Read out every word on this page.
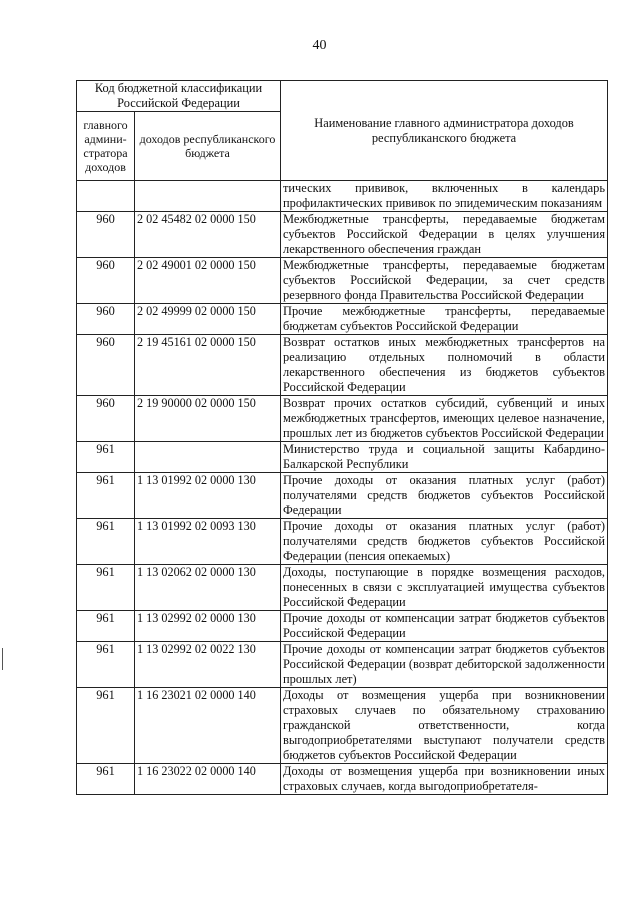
40
Код бюджетной классификации Российской Федерации		Наименование главного администратора доходов республиканского бюджета
главного админи-стратора доходов	доходов республиканского бюджета	
		тических прививок, включенных в календарь профилактических прививок по эпидемическим показаниям
960	2 02 45482 02 0000 150	Межбюджетные трансферты, передаваемые бюджетам субъектов Российской Федерации в целях улучшения лекарственного обеспечения граждан
960	2 02 49001 02 0000 150	Межбюджетные трансферты, передаваемые бюджетам субъектов Российской Федерации, за счет средств резервного фонда Правительства Российской Федерации
960	2 02 49999 02 0000 150	Прочие межбюджетные трансферты, передаваемые бюджетам субъектов Российской Федерации
960	2 19 45161 02 0000 150	Возврат остатков иных межбюджетных трансфертов на реализацию отдельных полномочий в области лекарственного обеспечения из бюджетов субъектов Российской Федерации
960	2 19 90000 02 0000 150	Возврат прочих остатков субсидий, субвенций и иных межбюджетных трансфертов, имеющих целевое назначение, прошлых лет из бюджетов субъектов Российской Федерации
961		Министерство труда и социальной защиты Кабардино-Балкарской Республики
961	1 13 01992 02 0000 130	Прочие доходы от оказания платных услуг (работ) получателями средств бюджетов субъектов Российской Федерации
961	1 13 01992 02 0093 130	Прочие доходы от оказания платных услуг (работ) получателями средств бюджетов субъектов Российской Федерации (пенсия опекаемых)
961	1 13 02062 02 0000 130	Доходы, поступающие в порядке возмещения расходов, понесенных в связи с эксплуатацией имущества субъектов Российской Федерации
961	1 13 02992 02 0000 130	Прочие доходы от компенсации затрат бюджетов субъектов Российской Федерации
961	1 13 02992 02 0022 130	Прочие доходы от компенсации затрат бюджетов субъектов Российской Федерации (возврат дебиторской задолженности прошлых лет)
961	1 16 23021 02 0000 140	Доходы от возмещения ущерба при возникновении страховых случаев по обязательному страхованию гражданской ответственности, когда выгодоприобретателями выступают получатели средств бюджетов субъектов Российской Федерации
961	1 16 23022 02 0000 140	Доходы от возмещения ущерба при возникновении иных страховых случаев, когда выгодоприобретателя-
